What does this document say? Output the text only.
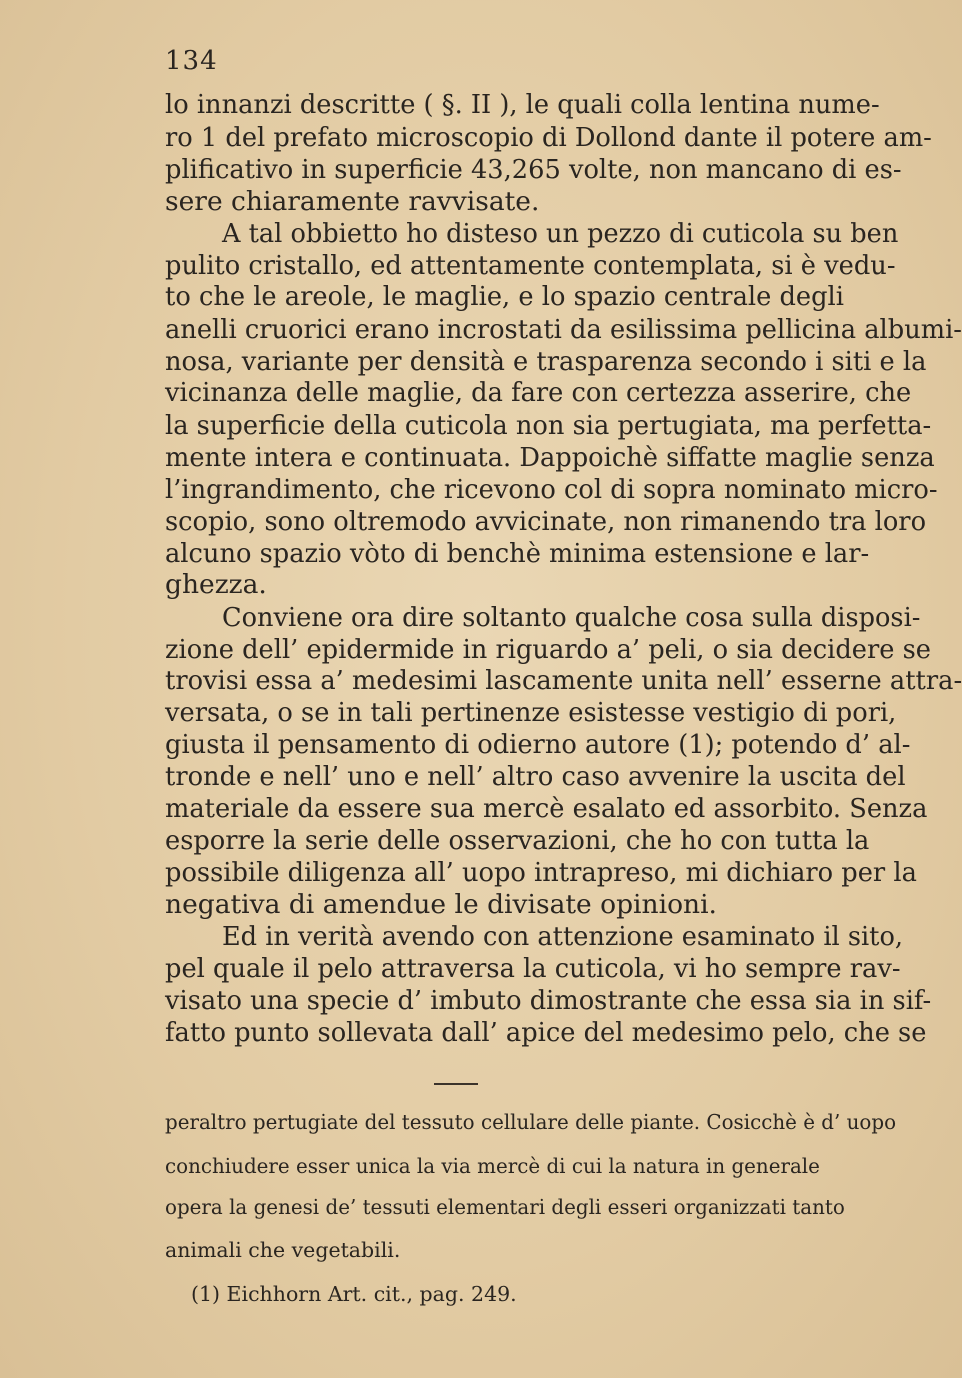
134
lo innanzi descritte ( §. II ), le quali colla lentina nume-
ro 1 del prefato microscopio di Dollond dante il potere am-
plificativo in superficie 43,265 volte, non mancano di es-
sere chiaramente ravvisate.
A tal obbietto ho disteso un pezzo di cuticola su ben
pulito cristallo, ed attentamente contemplata, si è vedu-
to che le areole, le maglie, e lo spazio centrale degli
anelli cruorici erano incrostati da esilissima pellicina albumi-
nosa, variante per densità e trasparenza secondo i siti e la
vicinanza delle maglie, da fare con certezza asserire, che
la superficie della cuticola non sia pertugiata, ma perfetta-
mente intera e continuata. Dappoichè siffatte maglie senza
l’ingrandimento, che ricevono col di sopra nominato micro-
scopio, sono oltremodo avvicinate, non rimanendo tra loro
alcuno spazio vòto di benchè minima estensione e lar-
ghezza.
Conviene ora dire soltanto qualche cosa sulla disposi-
zione dell’ epidermide in riguardo a’ peli, o sia decidere se
trovisi essa a’ medesimi lascamente unita nell’ esserne attra-
versata, o se in tali pertinenze esistesse vestigio di pori,
giusta il pensamento di odierno autore (1); potendo d’ al-
tronde e nell’ uno e nell’ altro caso avvenire la uscita del
materiale da essere sua mercè esalato ed assorbito. Senza
esporre la serie delle osservazioni, che ho con tutta la
possibile diligenza all’ uopo intrapreso, mi dichiaro per la
negativa di amendue le divisate opinioni.
Ed in verità avendo con attenzione esaminato il sito,
pel quale il pelo attraversa la cuticola, vi ho sempre rav-
visato una specie d’ imbuto dimostrante che essa sia in sif-
fatto punto sollevata dall’ apice del medesimo pelo, che se
peraltro pertugiate del tessuto cellulare delle piante. Cosicchè è d’ uopo
conchiudere esser unica la via mercè di cui la natura in generale
opera la genesi de’ tessuti elementari degli esseri organizzati tanto
animali che vegetabili.
(1) Eichhorn Art. cit., pag. 249.
